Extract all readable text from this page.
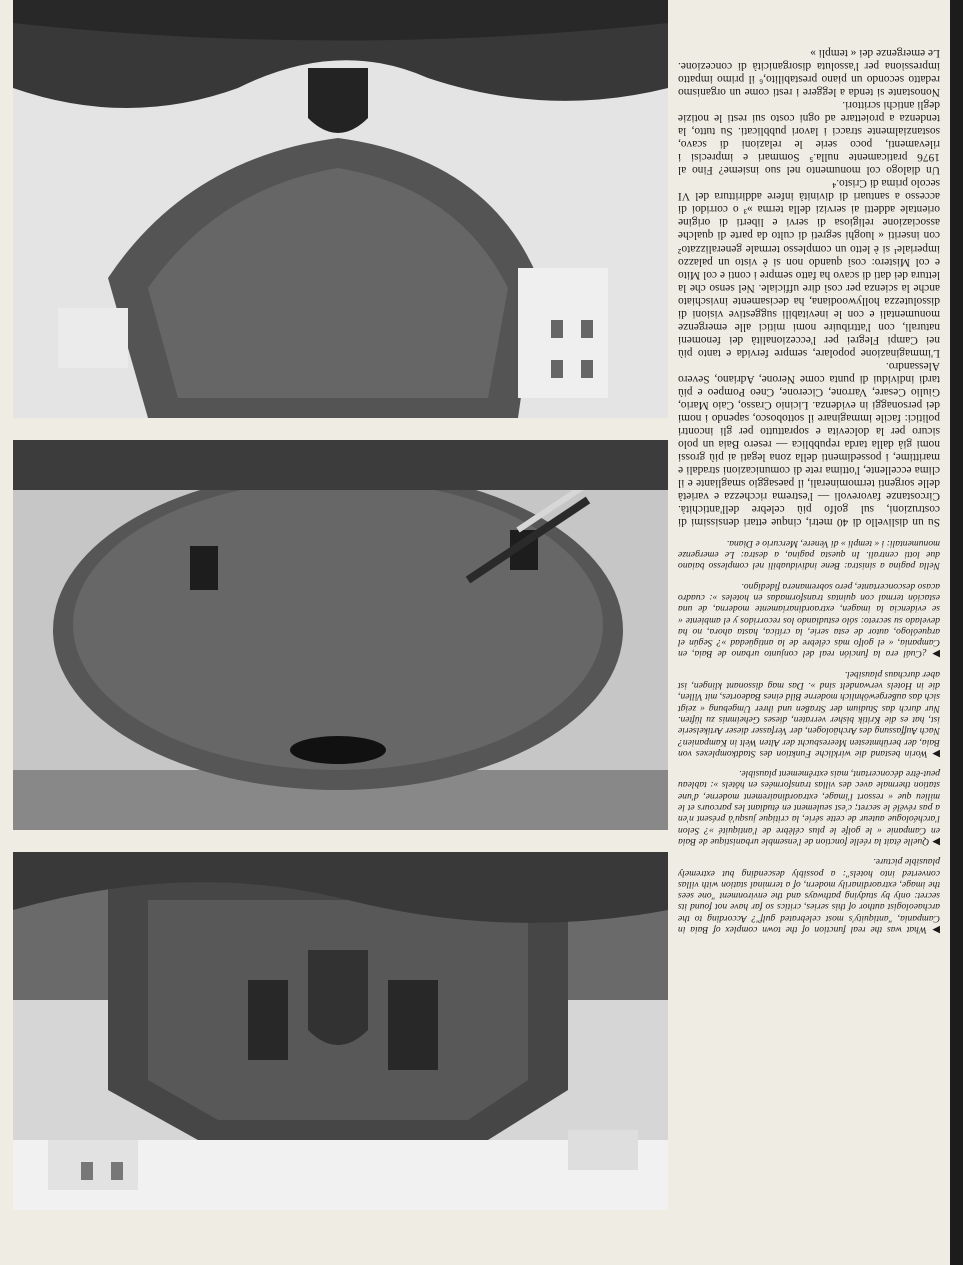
▶What was the real function of the town complex of Baia in Campania, "antiquity's most celebrated gulf"? According to the archaeologist author of this series, critics so far have not found its secret: only by studying pathways and the environment "one sees the image, extraordinarily modern, of a terminal station with villas converted into hotels": a possibly descending but extremely plausible picture.

▶Quelle était la réelle fonction de l'ensemble urbanistique de Baia en Campanie « le golfe le plus célèbre de l'antiquité »? Selon l'archéologue auteur de cette série, la critique jusqu'à présent n'en a pas révélé le secret; c'est seulement en étudiant les parcours et le milieu que « ressort l'image, extraordinairement moderne, d'une station thermale avec des villas transformées en hôtels »: tableau peut-être déconcertant, mais extrêmement plausible.

▶Worin bestand die wirkliche Funktion des Stadtkomplexes von Baia, der berühmtesten Meeresbucht der Alten Welt in Kampanien? Nach Auffassung des Archäologen, der Verfasser dieser Artikelserie ist, hat es die Kritik bisher verraten, dieses Geheimnis zu lüften. Nur durch das Studium der Straßen und ihrer Umgebung « zeigt sich das außergewöhnlich moderne Bild eines Badeortes, mit Villen, die in Hotels verwandelt sind ». Das mag dissonant klingen, ist aber durchaus plausibel.

▶¿Cuál era la función real del conjunto urbano de Baia, en Campania, « el golfo más célebre de la antigüedad »? Según el arqueólogo, autor de esta serie, la crítica, hasta ahora, no ha develado su secreto: sólo estudiando los recorridos y el ambiente « se evidencia la imagen, extraordinariamente moderna, de una estación termal con quintas transformadas en hoteles »: cuadro acaso desconcertante, pero sobremanera fidedigno.

Nella pagina a sinistra: Bene individuabili nel complesso baiano due lotti centrali. In questa pagina, a destra: Le emergenze monumentali: i « templi » di Venere, Mercurio e Diana.

Su un dislivello di 40 metri, cinque ettari densissimi di costruzioni, sul golfo più celebre dell'antichità. Circostanze favorevoli — l'estrema ricchezza e varietà delle sorgenti termominerali, il paesaggio smagliante e il clima eccellente, l'ottima rete di comunicazioni stradali e marittime, i possedimenti della zona legati ai più grossi nomi già dalla tarda repubblica — resero Baia un polo sicuro per la dolcevita e soprattutto per gli incontri politici: facile immaginare il sottobosco, sapendo i nomi dei personaggi in evidenza. Licinio Crasso, Caio Mario, Giulio Cesare, Varrone, Cicerone, Cneo Pompeo e più tardi individui di punta come Nerone, Adriano, Severo Alessandro.

L'immaginazione popolare, sempre fervida e tanto più nei Campi Flegrei per l'eccezionalità dei fenomeni naturali, con l'attribuire nomi mitici alle emergenze monumentali e con le inevitabili suggestive visioni di dissolutezza hollywoodiana, ha decisamente invischiato anche la scienza per così dire ufficiale. Nel senso che la lettura dei dati di scavo ha fatto sempre i conti e col Mito e col Mistero: così quando non si è visto un palazzo imperiale¹ si è letto un complesso termale generalizzato² con inseriti « luoghi segreti di culto da parte di qualche associazione religiosa di servi e liberti di origine orientale addetti ai servizi della terma »³ o corridoi di accesso a santuari di divinità infere addirittura del VI secolo prima di Cristo.⁴

Un dialogo col monumento nel suo insieme? Fino al 1976 praticamente nulla.⁵ Sommari e imprecisi i rilevamenti, poco serie le relazioni di scavo, sostanzialmente stracci i lavori pubblicati. Su tutto, la tendenza a proiettare ad ogni costo sui resti le notizie degli antichi scrittori.

Nonostante si tenda a leggere i resti come un organismo redatto secondo un piano prestabilito,⁶ il primo impatto impressiona per l'assoluta disorganicità di concezione. Le emergenze dei « templi »
